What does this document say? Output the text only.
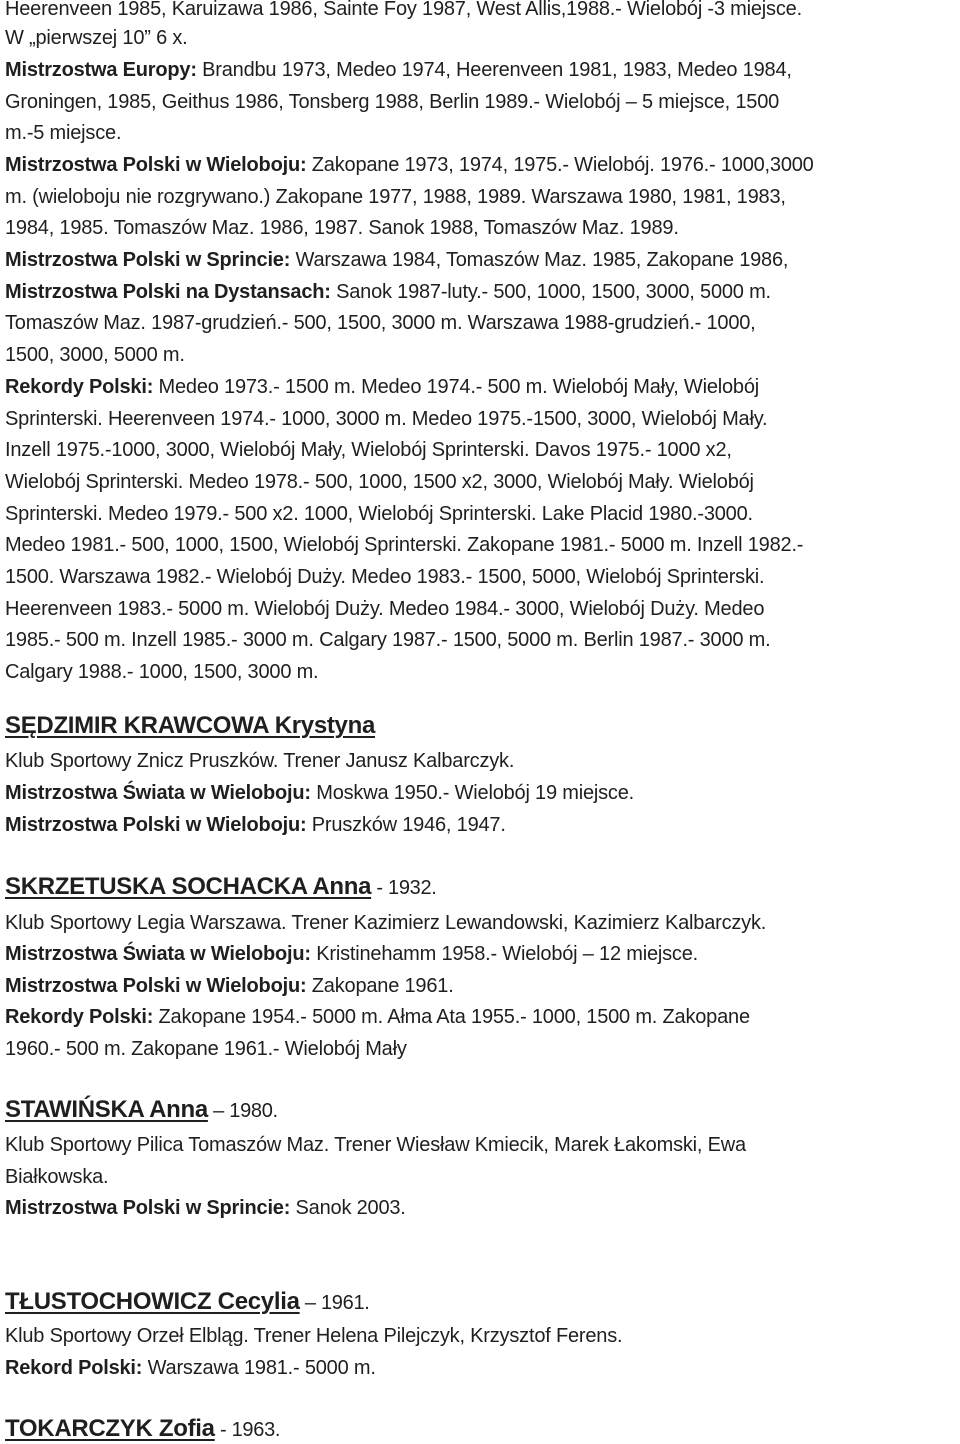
Heerenveen 1985, Karuizawa 1986, Sainte Foy 1987, West Allis,1988.- Wielobój -3 miejsce.

W „pierwszej 10” 6 x.

Mistrzostwa Europy: Brandbu 1973, Medeo 1974, Heerenveen 1981, 1983, Medeo 1984,

Groningen, 1985, Geithus 1986, Tonsberg 1988, Berlin 1989.- Wielobój – 5 miejsce, 1500

m.-5 miejsce.

Mistrzostwa Polski w Wieloboju: Zakopane 1973, 1974, 1975.- Wielobój. 1976.- 1000,3000

m. (wieloboju nie rozgrywano.) Zakopane 1977, 1988, 1989. Warszawa 1980, 1981, 1983,

1984, 1985. Tomaszów Maz. 1986, 1987. Sanok 1988, Tomaszów Maz. 1989.

Mistrzostwa Polski w Sprincie: Warszawa 1984, Tomaszów Maz. 1985, Zakopane 1986,

Mistrzostwa Polski na Dystansach: Sanok 1987-luty.- 500, 1000, 1500, 3000, 5000 m.

Tomaszów Maz. 1987-grudzień.- 500, 1500, 3000 m. Warszawa 1988-grudzień.- 1000,

1500, 3000, 5000 m.

Rekordy Polski: Medeo 1973.- 1500 m. Medeo 1974.- 500 m. Wielobój Mały, Wielobój

Sprinterski. Heerenveen 1974.- 1000, 3000 m. Medeo 1975.-1500, 3000, Wielobój Mały.

Inzell 1975.-1000, 3000, Wielobój Mały, Wielobój Sprinterski. Davos 1975.- 1000 x2,

Wielobój Sprinterski. Medeo 1978.- 500, 1000, 1500 x2, 3000, Wielobój Mały. Wielobój

Sprinterski. Medeo 1979.- 500 x2. 1000, Wielobój Sprinterski. Lake Placid 1980.-3000.

Medeo 1981.- 500, 1000, 1500, Wielobój Sprinterski. Zakopane 1981.- 5000 m. Inzell 1982.-

1500. Warszawa 1982.- Wielobój Duży. Medeo 1983.- 1500, 5000, Wielobój Sprinterski.

Heerenveen 1983.- 5000 m. Wielobój Duży. Medeo 1984.- 3000, Wielobój Duży. Medeo

1985.- 500 m. Inzell 1985.- 3000 m. Calgary 1987.- 1500, 5000 m. Berlin 1987.- 3000 m.

Calgary 1988.- 1000, 1500, 3000 m.

SĘDZIMIR KRAWCOWA Krystyna

Klub Sportowy Znicz Pruszków. Trener Janusz Kalbarczyk.

Mistrzostwa Świata w Wieloboju: Moskwa 1950.- Wielobój 19 miejsce.

Mistrzostwa Polski w Wieloboju: Pruszków 1946, 1947.

SKRZETUSKA SOCHACKA Anna - 1932.

Klub Sportowy Legia Warszawa. Trener Kazimierz Lewandowski, Kazimierz Kalbarczyk.

Mistrzostwa Świata w Wieloboju: Kristinehamm 1958.- Wielobój – 12 miejsce.

Mistrzostwa Polski w Wieloboju: Zakopane 1961.

Rekordy Polski: Zakopane 1954.- 5000 m. Ałma Ata 1955.- 1000, 1500 m. Zakopane

1960.- 500 m. Zakopane 1961.- Wielobój Mały

STAWIŃSKA Anna – 1980.

Klub Sportowy Pilica Tomaszów Maz. Trener Wiesław Kmiecik, Marek Łakomski, Ewa

Białkowska.

Mistrzostwa Polski w Sprincie: Sanok 2003.

TŁUSTOCHOWICZ Cecylia – 1961.

Klub Sportowy Orzeł Elbląg. Trener Helena Pilejczyk, Krzysztof Ferens.

Rekord Polski: Warszawa 1981.- 5000 m.

TOKARCZYK Zofia - 1963.
